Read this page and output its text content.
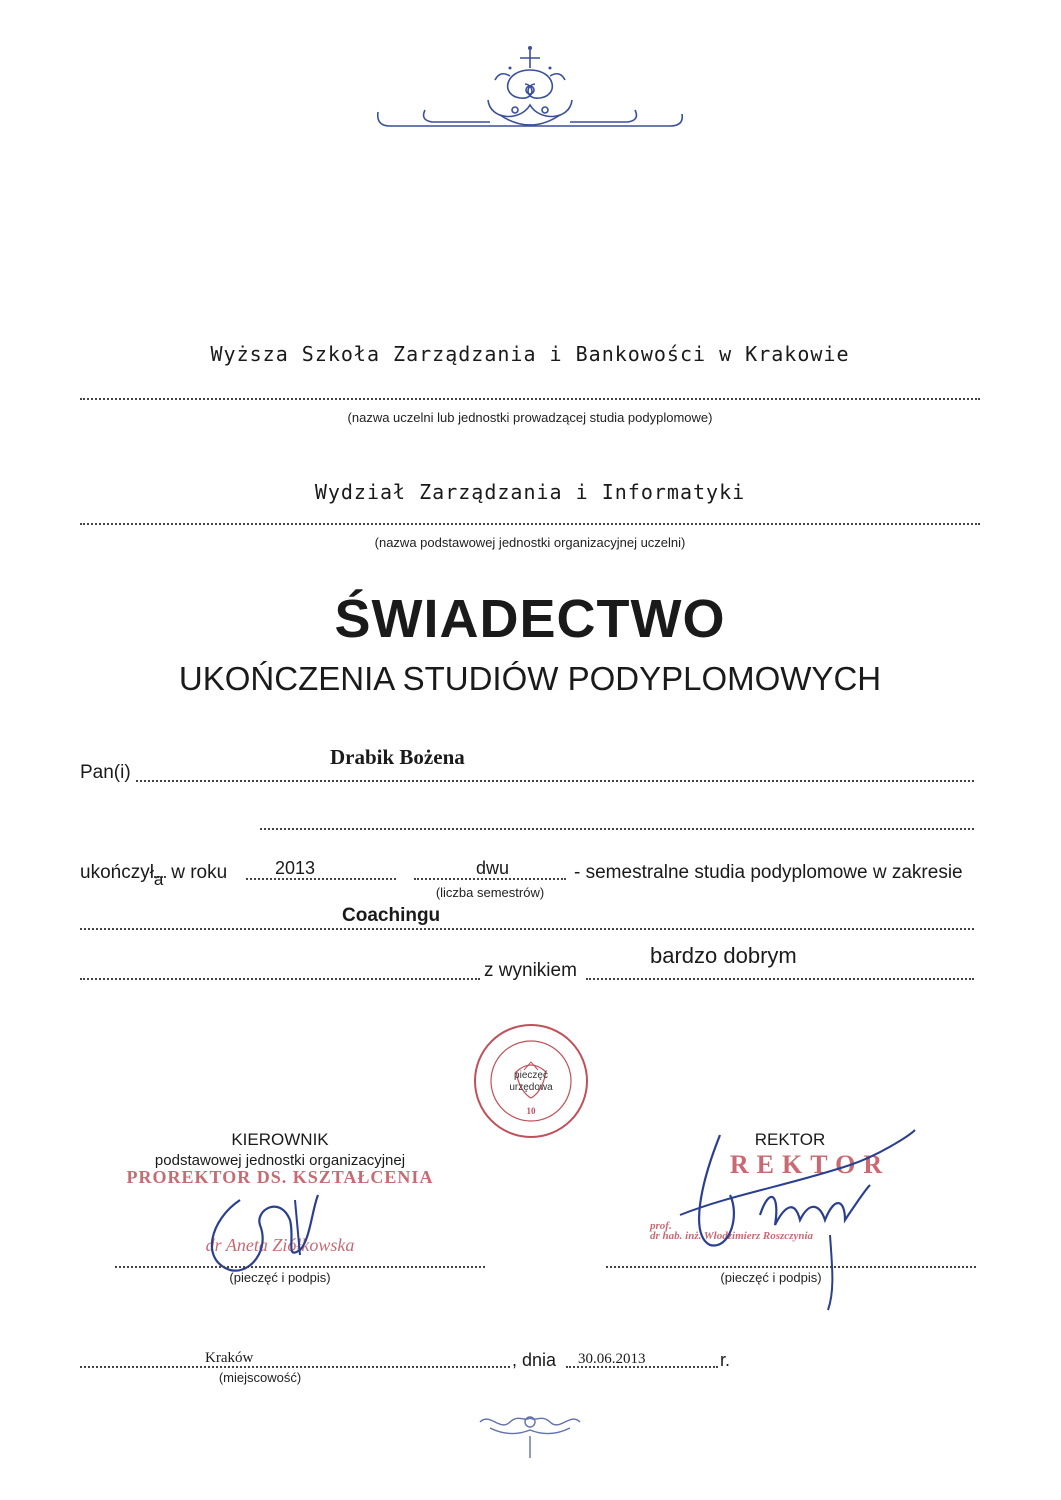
Wyższa Szkoła Zarządzania i Bankowości w Krakowie
(nazwa uczelni lub jednostki prowadzącej studia podyplomowe)
Wydział Zarządzania i Informatyki
(nazwa podstawowej jednostki organizacyjnej uczelni)
ŚWIADECTWO
UKOŃCZENIA STUDIÓW PODYPLOMOWYCH
Pan(i)
Drabik Bożena
ukończył a w roku	2013	dwu	- semestralne studia podyplomowe w zakresie
(liczba semestrów)
Coachingu
z wynikiem
bardzo dobrym
pieczęć
urzędowa
10
KIEROWNIK
podstawowej jednostki organizacyjnej
PROREKTOR DS. KSZTAŁCENIA
dr Aneta Ziółkowska
(pieczęć i podpis)
REKTOR
REKTOR
prof.
dr hab. inż. Włodzimierz Roszczynia
(pieczęć i podpis)
Kraków
(miejscowość)
, dnia 30.06.2013	r.
